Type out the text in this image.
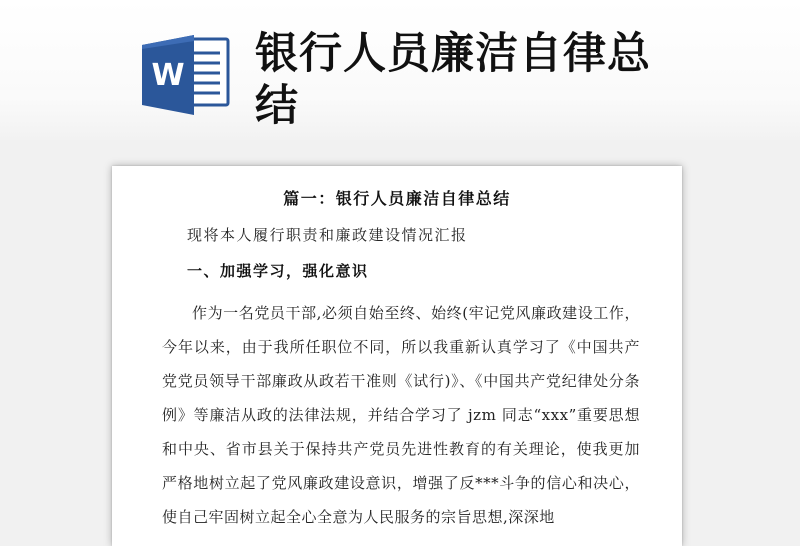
W 银行人员廉洁自律总结
篇一：银行人员廉洁自律总结
现将本人履行职责和廉政建设情况汇报
一、加强学习，强化意识

作为一名党员干部,必须自始至终、始终(牢记党风廉政建设工作，今年以来，由于我所任职位不同，所以我重新认真学习了《中国共产党党员领导干部廉政从政若干准则《试行)》、《中国共产党纪律处分条例》等廉洁从政的法律法规，并结合学习了 jzm 同志“xxx”重要思想和中央、省市县关于保持共产党员先进性教育的有关理论，使我更加严格地树立起了党风廉政建设意识，增强了反***斗争的信心和决心，使自己牢固树立起全心全意为人民服务的宗旨思想,深深地
